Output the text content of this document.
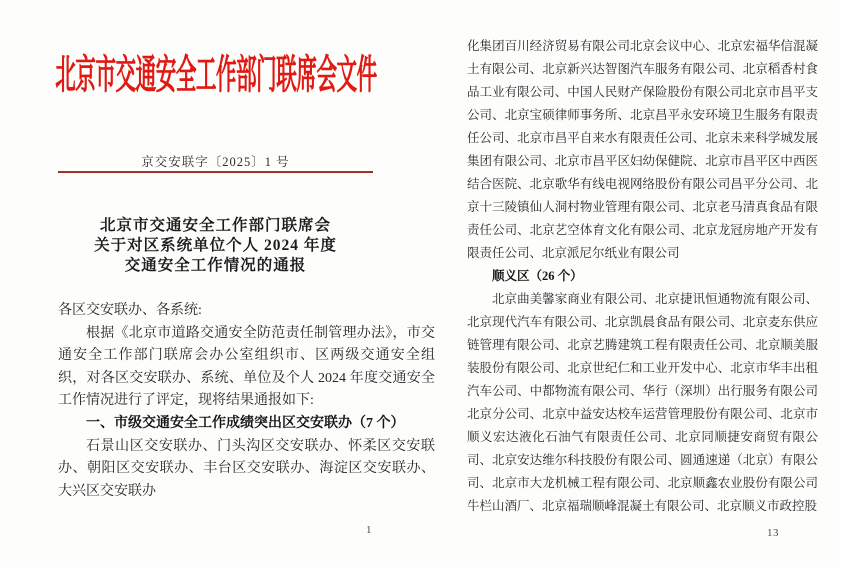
北京市交通安全工作部门联席会文件
京交安联字〔2025〕1 号
北京市交通安全工作部门联席会
关于对区系统单位个人 2024 年度
交通安全工作情况的通报
各区交安联办、各系统:
根据《北京市道路交通安全防范责任制管理办法》，市交通安全工作部门联席会办公室组织市、区两级交通安全组织，对各区交安联办、系统、单位及个人 2024 年度交通安全工作情况进行了评定，现将结果通报如下:
一、市级交通安全工作成绩突出区交安联办（7 个）
石景山区交安联办、门头沟区交安联办、怀柔区交安联办、朝阳区交安联办、丰台区交安联办、海淀区交安联办、大兴区交安联办
1
化集团百川经济贸易有限公司北京会议中心、北京宏福华信混凝土有限公司、北京新兴达智图汽车服务有限公司、北京稻香村食品工业有限公司、中国人民财产保险股份有限公司北京市昌平支公司、北京宝硕律师事务所、北京昌平永安环境卫生服务有限责任公司、北京市昌平自来水有限责任公司、北京未来科学城发展集团有限公司、北京市昌平区妇幼保健院、北京市昌平区中西医结合医院、北京歌华有线电视网络股份有限公司昌平分公司、北京十三陵镇仙人洞村物业管理有限公司、北京老马清真食品有限责任公司、北京艺空体育文化有限公司、北京龙冠房地产开发有限责任公司、北京派尼尔纸业有限公司
顺义区（26 个）
北京曲美馨家商业有限公司、北京捷讯恒通物流有限公司、北京现代汽车有限公司、北京凯晨食品有限公司、北京麦东供应链管理有限公司、北京艺腾建筑工程有限责任公司、北京顺美服装股份有限公司、北京世纪仁和工业开发中心、北京市华丰出租汽车公司、中都物流有限公司、华行（深圳）出行服务有限公司北京分公司、北京中益安达校车运营管理股份有限公司、北京市顺义宏达液化石油气有限责任公司、北京同顺捷安商贸有限公司、北京安达维尔科技股份有限公司、圆通速递（北京）有限公司、北京市大龙机械工程有限公司、北京顺鑫农业股份有限公司牛栏山酒厂、北京福瑞顺峰混凝土有限公司、北京顺义市政控股
13
